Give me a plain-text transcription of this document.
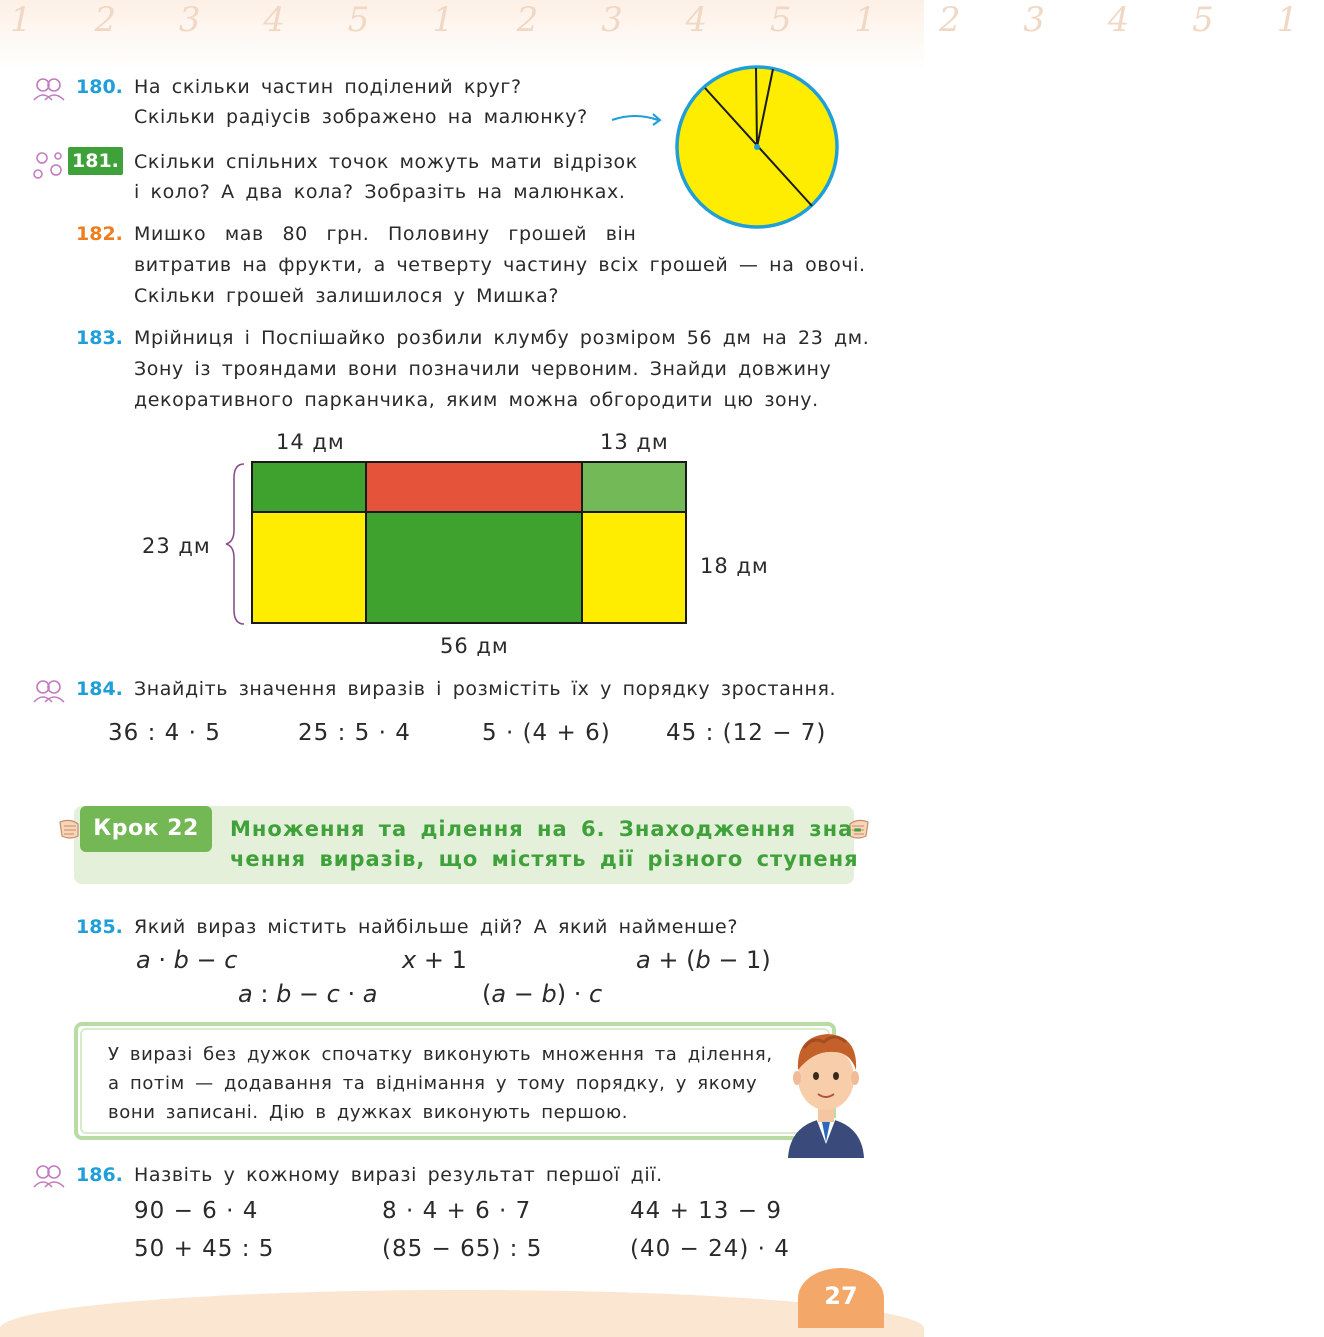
1 2 3 4 5 1 2 3 4 5 1 2 3 4 5 1
180. На скільки частин поділений круг?
Скільки радіусів зображено на малюнку?
181. Скільки спільних точок можуть мати відрізок
і коло? А два кола? Зобразіть на малюнках.
182. Мишко мав 80 грн. Половину грошей він
витратив на фрукти, а четверту частину всіх грошей — на овочі.
Скільки грошей залишилося у Мишка?
183. Мрійниця і Поспішайко розбили клумбу розміром 56 дм на 23 дм.
Зону із трояндами вони позначили червоним. Знайди довжину
декоративного парканчика, яким можна обгородити цю зону.
14 дм	13 дм
23 дм
18 дм
56 дм
184. Знайдіть значення виразів і розмістіть їх у порядку зростання.
36 : 4 · 5	25 : 5 · 4	5 · (4 + 6) 45 : (12 − 7)
Крок 22	Множення та ділення на 6. Знаходження зна-
чення виразів, що містять дії різного ступеня
185. Який вираз містить найбільше дій? А який найменше?
a · b − c	x + 1	a + (b − 1)
a : b − c · a	(a − b) · c
У виразі без дужок спочатку виконують множення та ділення,
а потім — додавання та віднімання у тому порядку, у якому
вони записані. Дію в дужках виконують першою.
186. Назвіть у кожному виразі результат першої дії.
90 − 6 · 4	8 · 4 + 6 · 7	44 + 13 − 9
50 + 45 : 5	(85 − 65) : 5	(40 − 24) · 4
27
